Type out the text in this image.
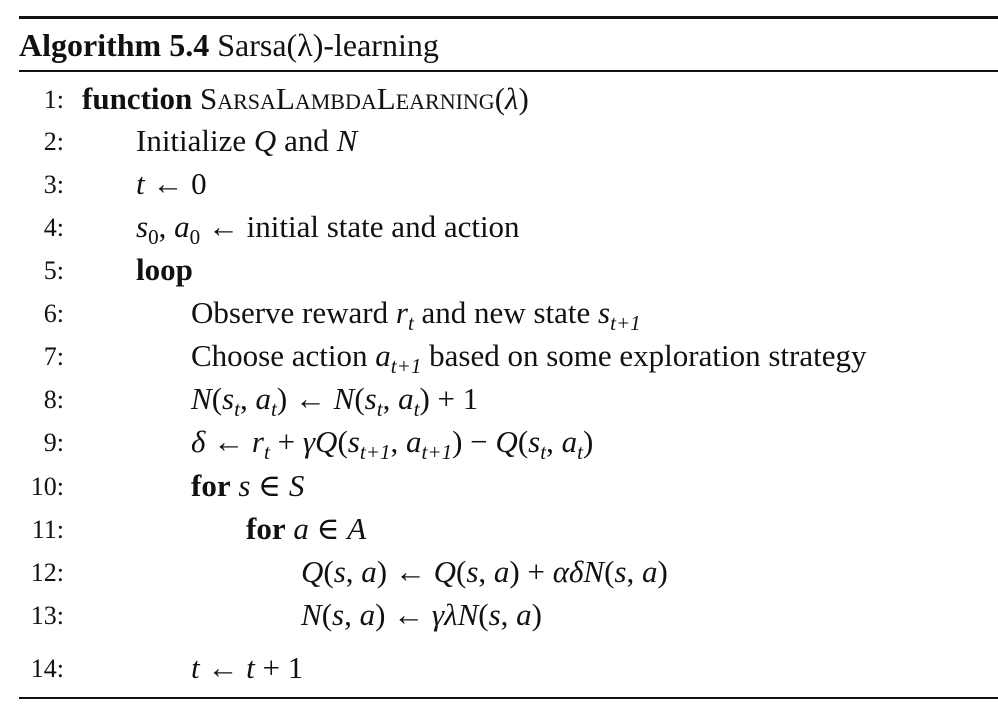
Algorithm 5.4 Sarsa(λ)-learning
1: function SarsaLambdaLearning(λ)
2: Initialize Q and N
3: t ← 0
4: $s_0$, $a_0$ ← initial state and action
5: loop
6:	Observe reward $r_t$ and new state $s_{t+1}$
7:	Choose action $a_{t+1}$ based on some exploration strategy
8:	$N(s_t$, $a_t$) ← $N(s_t$, $a_t) + 1$
9:	δ ← $r_t + \gamma Q(s_{t+1}$, $a_{t+1}) - Q(s_t$, $a_t$)
10:	for s ∈ S
11:	for a ∈ A
12:	Q(s, a) ← Q(s, a) + αδN(s, a)
13:	N(s, a) ← γλN(s, a)
14:	t ← t + 1
